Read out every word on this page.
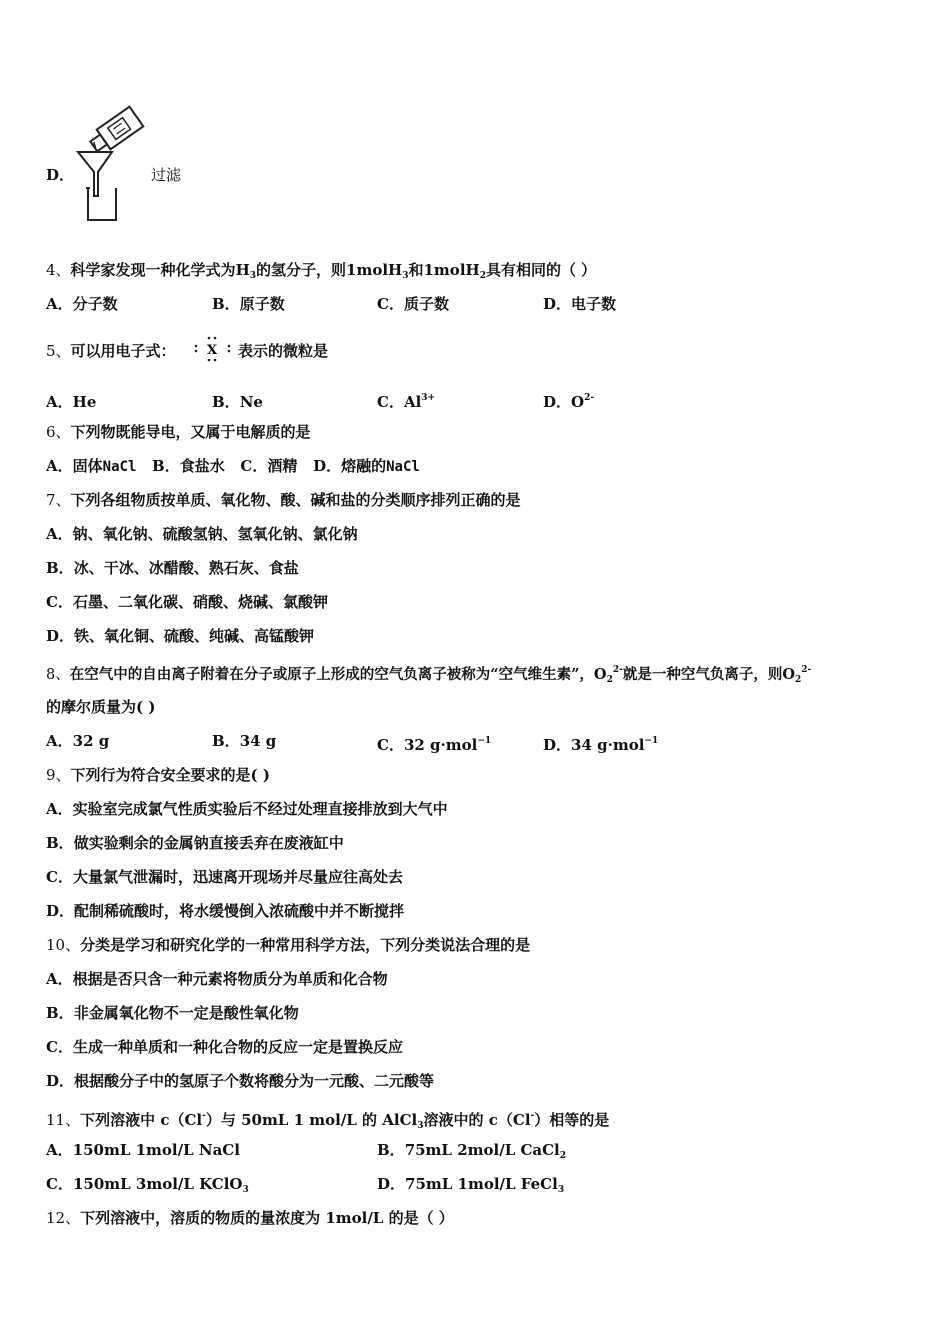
D．	过滤
4、科学家发现一种化学式为$H_3$的氢分子，则1molH$_3$和1molH$_2$具有相同的（ ）
A．分子数	B．原子数	C．质子数	D．电子数
5、可以用电子式： X 表示的微粒是
A．He	B．Ne	C．$Al^{3+}$	D．$O^{2-}$
6、下列物既能导电，又属于电解质的是
A．固体NaCl B．食盐水 C．酒精 D．熔融的NaCl
7、下列各组物质按单质、氧化物、酸、碱和盐的分类顺序排列正确的是
A．钠、氧化钠、硫酸氢钠、氢氧化钠、氯化钠
B．冰、干冰、冰醋酸、熟石灰、食盐
C．石墨、二氧化碳、硝酸、烧碱、氯酸钾
D．铁、氧化铜、硫酸、纯碱、高锰酸钾
8、在空气中的自由离子附着在分子或原子上形成的空气负离子被称为“空气维生素”，$O_2^{2-}$就是一种空气负离子，则$O_2^{2-}$
的摩尔质量为( )
A．32 g	B．34 g	C．32 g·mol$^{-1}$	D．34 g·mol$^{-1}$
9、下列行为符合安全要求的是( )
A．实验室完成氯气性质实验后不经过处理直接排放到大气中
B．做实验剩余的金属钠直接丢弃在废液缸中
C．大量氯气泄漏时，迅速离开现场并尽量应往高处去
D．配制稀硫酸时，将水缓慢倒入浓硫酸中并不断搅拌
10、分类是学习和研究化学的一种常用科学方法，下列分类说法合理的是
A．根据是否只含一种元素将物质分为单质和化合物
B．非金属氧化物不一定是酸性氧化物
C．生成一种单质和一种化合物的反应一定是置换反应
D．根据酸分子中的氢原子个数将酸分为一元酸、二元酸等
11、下列溶液中 c（Cl-）与 50mL 1 mol/L 的 AlCl$_3$溶液中的 c（Cl-）相等的是
A．150mL 1mol/L NaCl	B．75mL 2mol/L CaCl$_2$
C．150mL 3mol/L KClO$_3$	D．75mL 1mol/L FeCl$_3$
12、下列溶液中，溶质的物质的量浓度为 1mol/L 的是（ ）
